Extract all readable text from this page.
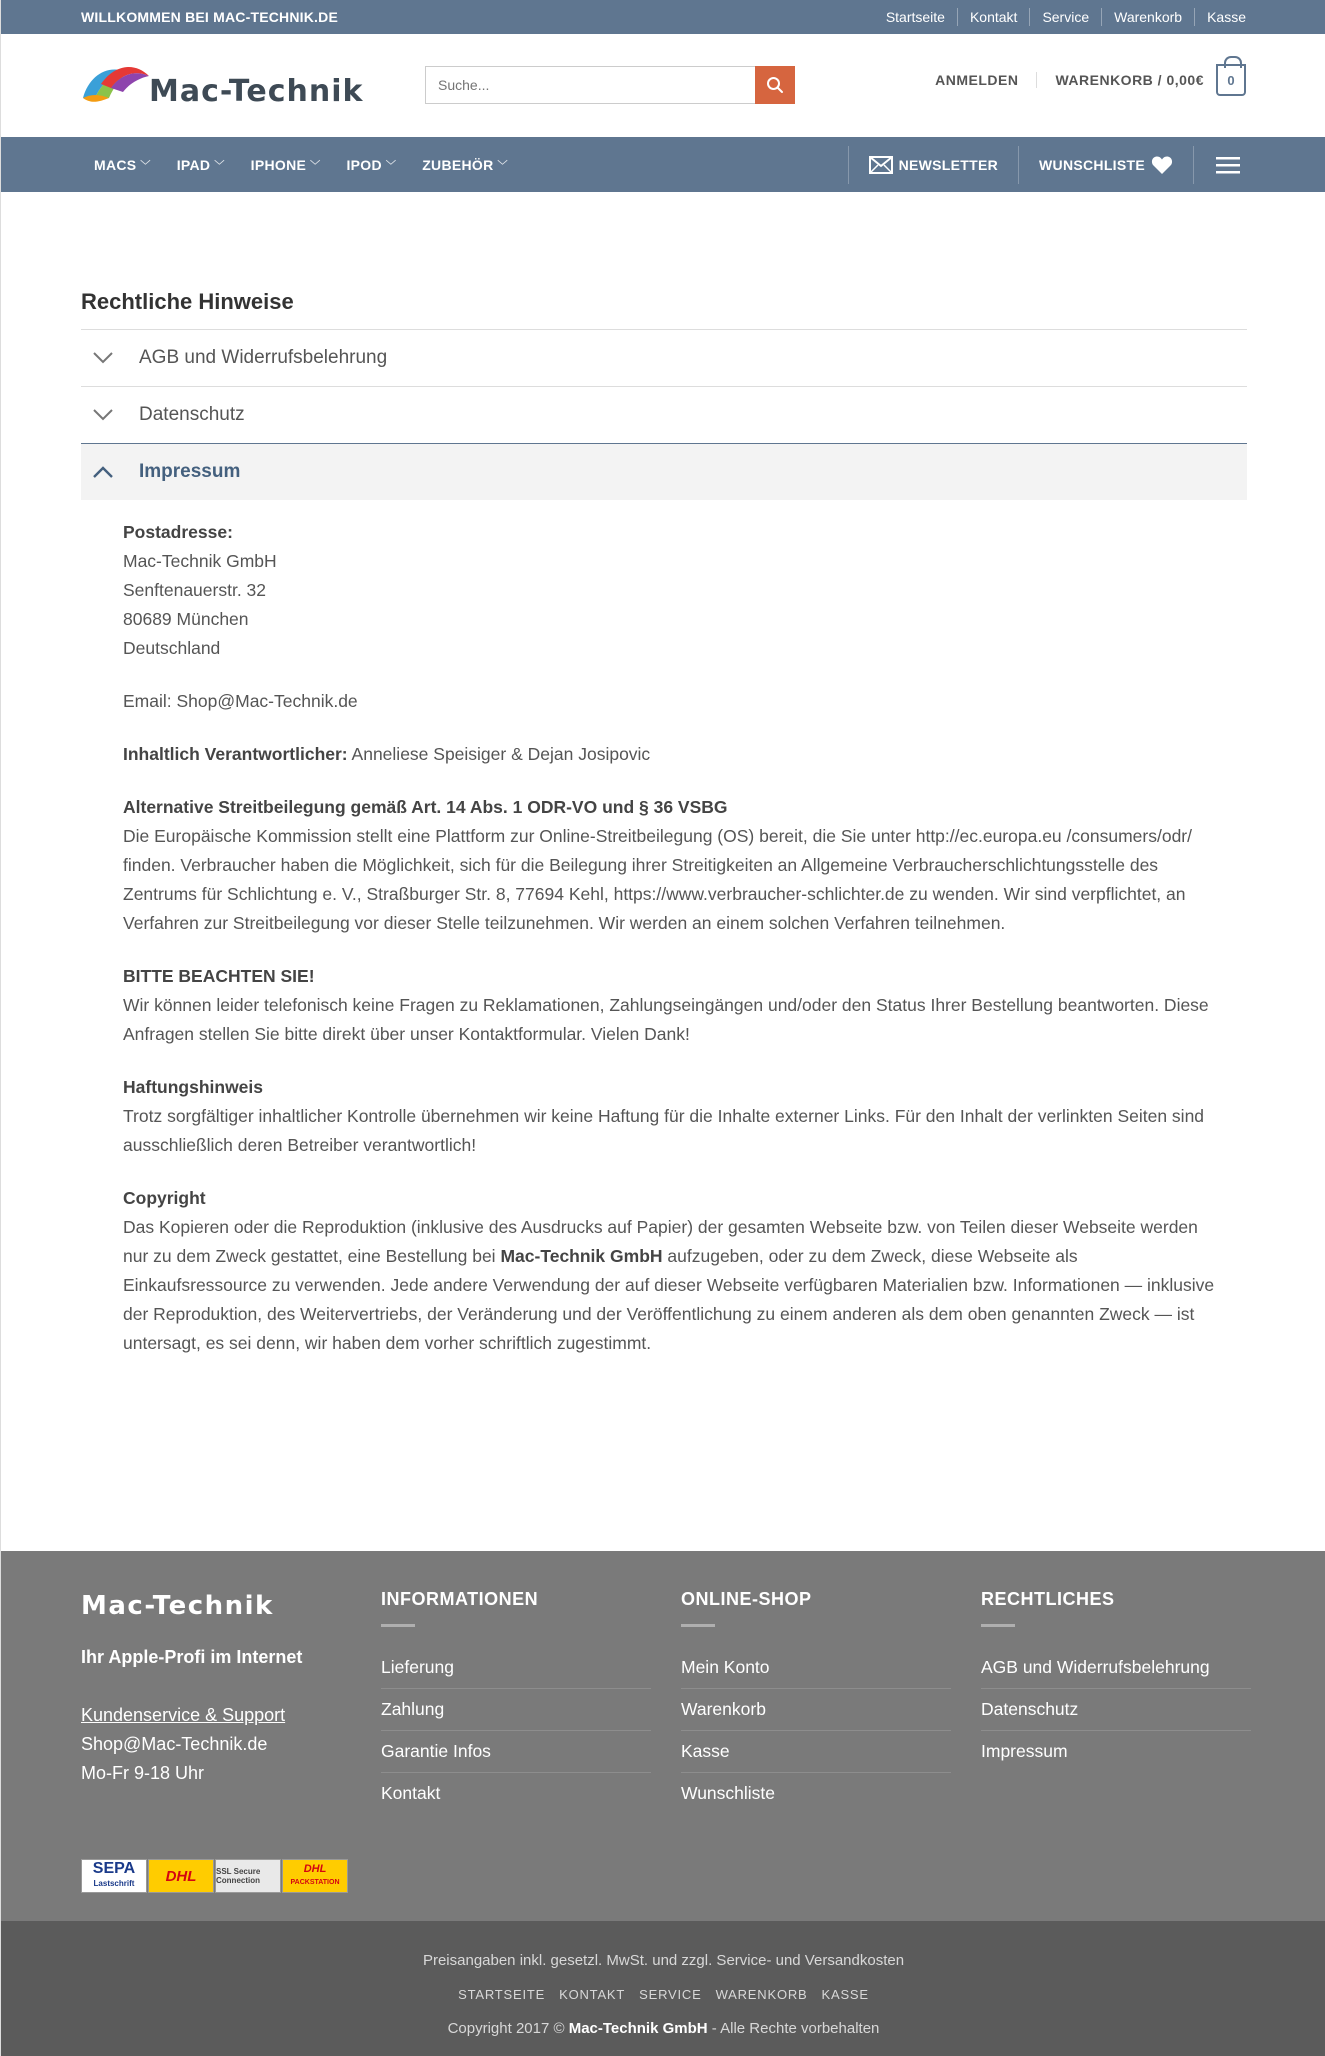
WILLKOMMEN BEI MAC-TECHNIK.DE	Startseite	Kontakt	Service	Warenkorb	Kasse
Mac-Technik
Suche...	ANMELDEN	WARENKORB / 0,00€ 0
MACS ﹀ IPAD ﹀ IPHONE ﹀ IPOD ﹀ ZUBEHÖR ﹀	NEWSLETTER	WUNSCHLISTE
Rechtliche Hinweise
AGB und Widerrufsbelehrung
Datenschutz
Impressum
Postadresse:
Mac-Technik GmbH
Senftenauerstr. 32
80689 München
Deutschland
Email: Shop@Mac-Technik.de
Inhaltlich Verantwortlicher: Anneliese Speisiger & Dejan Josipovic
Alternative Streitbeilegung gemäß Art. 14 Abs. 1 ODR-VO und § 36 VSBG
Die Europäische Kommission stellt eine Plattform zur Online-Streitbeilegung (OS) bereit, die Sie unter http://ec.europa.eu /consumers/odr/ finden. Verbraucher haben die Möglichkeit, sich für die Beilegung ihrer Streitigkeiten an Allgemeine Verbraucherschlichtungsstelle des Zentrums für Schlichtung e. V., Straßburger Str. 8, 77694 Kehl, https://www.verbraucher-schlichter.de zu wenden. Wir sind verpflichtet, an Verfahren zur Streitbeilegung vor dieser Stelle teilzunehmen. Wir werden an einem solchen Verfahren teilnehmen.
BITTE BEACHTEN SIE!
Wir können leider telefonisch keine Fragen zu Reklamationen, Zahlungseingängen und/oder den Status Ihrer Bestellung beantworten. Diese Anfragen stellen Sie bitte direkt über unser Kontaktformular. Vielen Dank!
Haftungshinweis
Trotz sorgfältiger inhaltlicher Kontrolle übernehmen wir keine Haftung für die Inhalte externer Links. Für den Inhalt der verlinkten Seiten sind ausschließlich deren Betreiber verantwortlich!
Copyright
Das Kopieren oder die Reproduktion (inklusive des Ausdrucks auf Papier) der gesamten Webseite bzw. von Teilen dieser Webseite werden nur zu dem Zweck gestattet, eine Bestellung bei Mac-Technik GmbH aufzugeben, oder zu dem Zweck, diese Webseite als Einkaufsressource zu verwenden. Jede andere Verwendung der auf dieser Webseite verfügbaren Materialien bzw. Informationen — inklusive der Reproduktion, des Weitervertriebs, der Veränderung und der Veröffentlichung zu einem anderen als dem oben genannten Zweck — ist untersagt, es sei denn, wir haben dem vorher schriftlich zugestimmt.
Mac-Technik
Ihr Apple-Profi im Internet
Kundenservice & Support
Shop@Mac-Technik.de
Mo-Fr 9-18 Uhr
INFORMATIONEN
Lieferung
Zahlung
Garantie Infos
Kontakt
ONLINE-SHOP
Mein Konto
Warenkorb
Kasse
Wunschliste
RECHTLICHES
AGB und Widerrufsbelehrung
Datenschutz
Impressum
SEPA
Lastschrift	DHL	SSL Secure Connection
DHL
PACKSTATION
Preisangaben inkl. gesetzl. MwSt. und zzgl. Service- und Versandkosten
STARTSEITE	KONTAKT	SERVICE	WARENKORB	KASSE
Copyright 2017 © Mac-Technik GmbH - Alle Rechte vorbehalten
